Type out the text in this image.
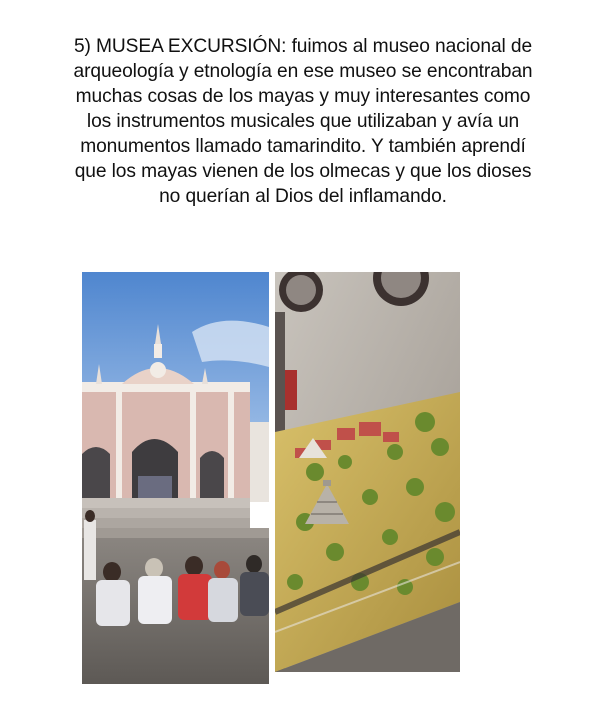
5) MUSEA EXCURSIÓN: fuimos al museo nacional de
arqueología y etnología en ese museo se encontraban
muchas cosas de los mayas y muy interesantes como
los instrumentos musicales que utilizaban y avía un
monumentos llamado tamarindito. Y también aprendí
que los mayas vienen de los olmecas y que los dioses
no querían al Dios del inflamando.
